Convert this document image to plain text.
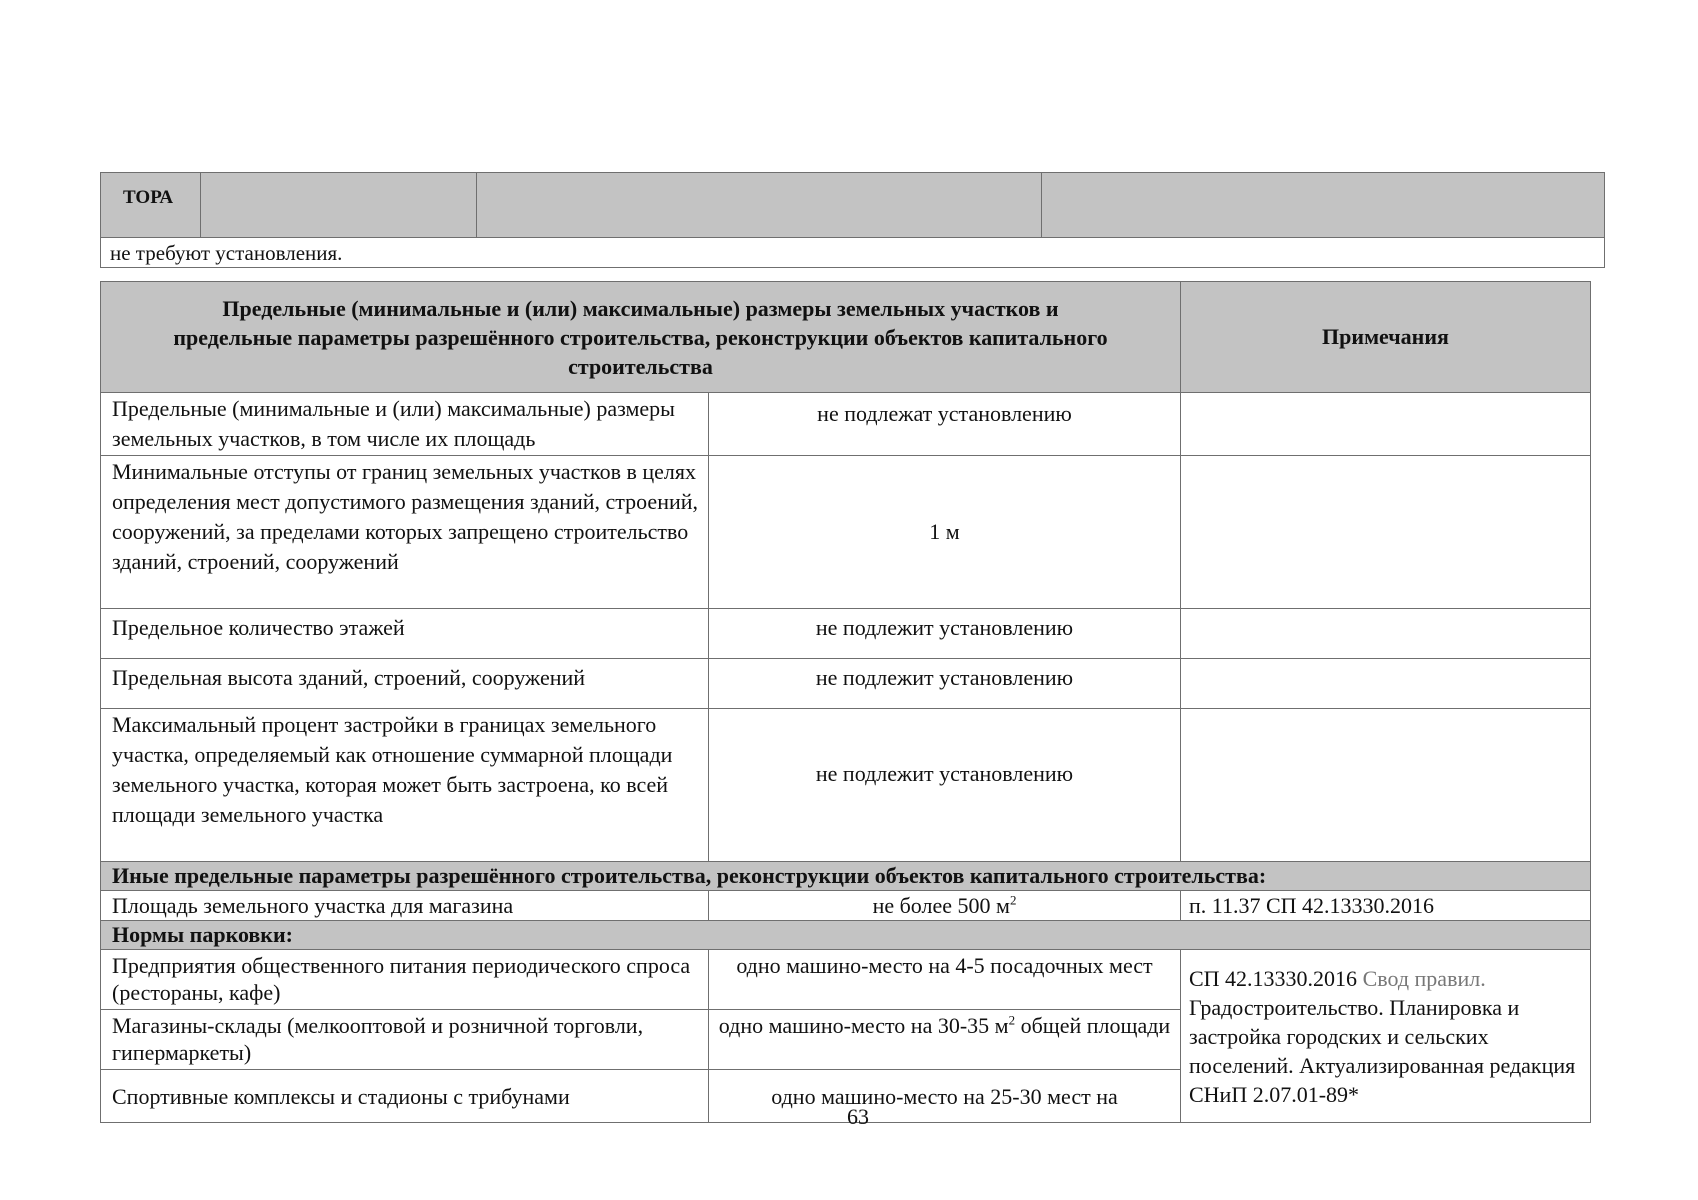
ТОРА			
не требуют установления.
Предельные (минимальные и (или) максимальные) размеры земельных участков и предельные параметры разрешённого строительства, реконструкции объектов капитального строительства		Примечания
Предельные (минимальные и (или) максимальные) размеры земельных участков, в том числе их площадь	не подлежат установлению	
Минимальные отступы от границ земельных участков в целях определения мест допустимого размещения зданий, строений, сооружений, за пределами которых запрещено строительство зданий, строений, сооружений	1 м	
Предельное количество этажей	не подлежит установлению	
Предельная высота зданий, строений, сооружений	не подлежит установлению	
Максимальный процент застройки в границах земельного участка, определяемый как отношение суммарной площади земельного участка, которая может быть застроена, ко всей площади земельного участка	не подлежит установлению	
Иные предельные параметры разрешённого строительства, реконструкции объектов капитального строительства:		
Площадь земельного участка для магазина	не более 500 $м^2$	п. 11.37 СП 42.13330.2016
Нормы парковки:		
Предприятия общественного питания периодического спроса (рестораны, кафе)	одно машино-место на 4-5 посадочных мест	СП 42.13330.2016 Свод правил. Градостроительство. Планировка и застройка городских и сельских поселений. Актуализированная редакция СНиП 2.07.01-89*
Магазины-склады (мелкооптовой и розничной торговли, гипермаркеты)	одно машино-место на 30-35 $м^2$ общей площади	
Спортивные комплексы и стадионы с трибунами	одно машино-место на 25-30 мест на	
63
